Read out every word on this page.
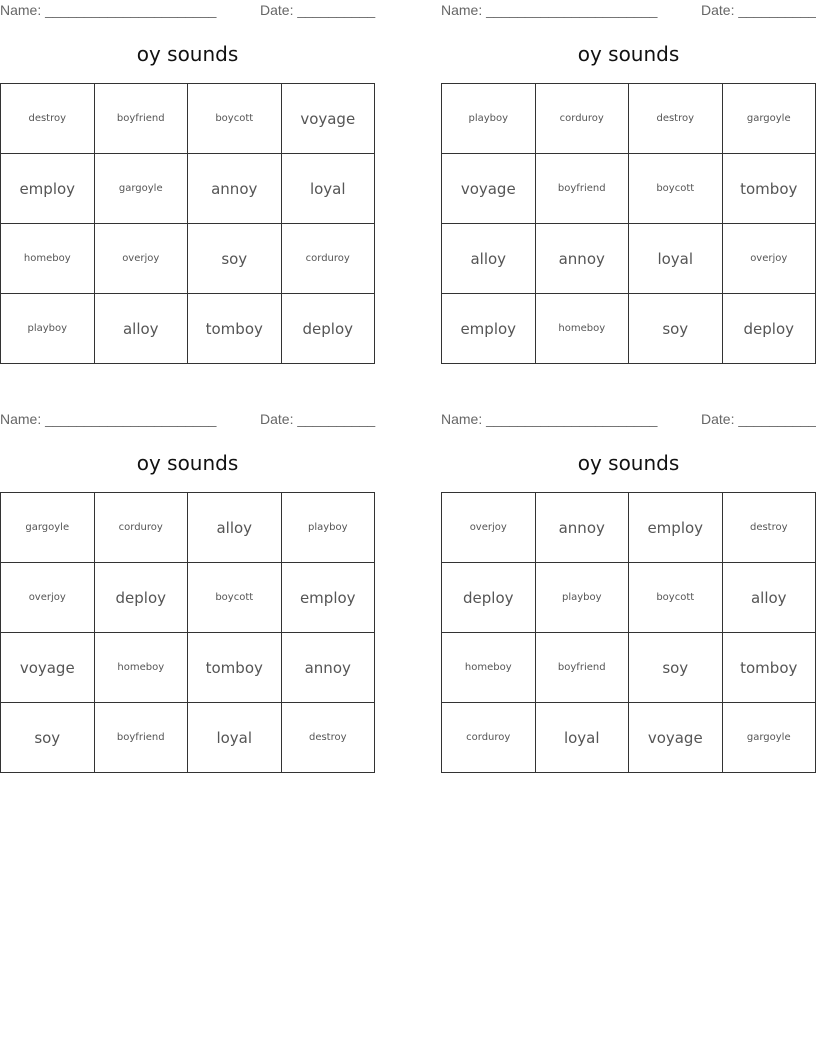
Name: ______________________	Date: __________
oy sounds
destroy	boyfriend	boycott	voyage
employ	gargoyle	annoy	loyal
homeboy	overjoy	soy	corduroy
playboy	alloy	tomboy	deploy
Name: ______________________	Date: __________
oy sounds
playboy	corduroy	destroy	gargoyle
voyage	boyfriend	boycott	tomboy
alloy	annoy	loyal	overjoy
employ	homeboy	soy	deploy
Name: ______________________	Date: __________
oy sounds
gargoyle	corduroy	alloy	playboy
overjoy	deploy	boycott	employ
voyage	homeboy	tomboy	annoy
soy	boyfriend	loyal	destroy
Name: ______________________	Date: __________
oy sounds
overjoy	annoy	employ	destroy
deploy	playboy	boycott	alloy
homeboy	boyfriend	soy	tomboy
corduroy	loyal	voyage	gargoyle
